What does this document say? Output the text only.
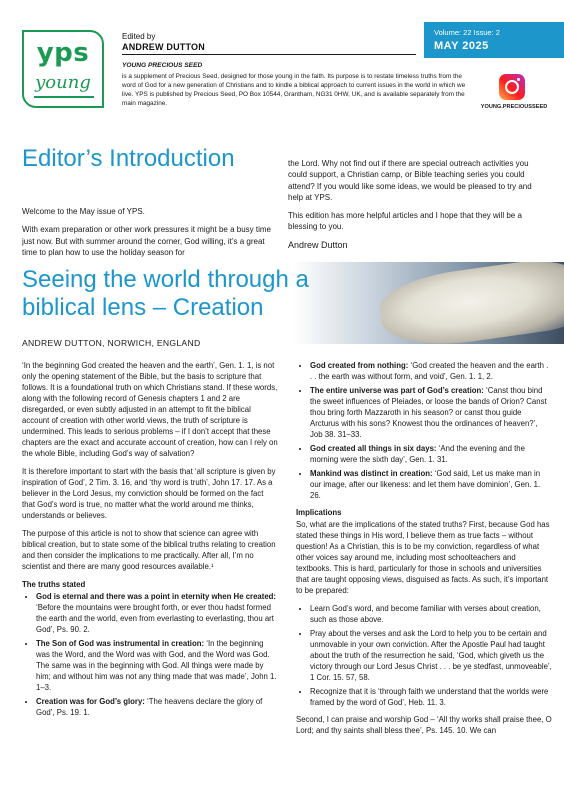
yps
young
Edited by
ANDREW DUTTON
YOUNG PRECIOUS SEED
is a supplement of Precious Seed, designed for those young in the faith. Its purpose is to restate timeless truths from the word of God for a new generation of Christians and to kindle a biblical approach to current issues in the world in which we live. YPS is published by Precious Seed, PO Box 10544, Grantham, NG31 0HW, UK, and is available separately from the main magazine.
Volume: 22 Issue: 2
MAY 2025
YOUNG.PRECIOUSSEED
Editor’s Introduction

Welcome to the May issue of YPS.

With exam preparation or other work pressures it might be a busy time just now. But with summer around the corner, God willing, it’s a great time to plan how to use the holiday season for

the Lord. Why not find out if there are special outreach activities you could support, a Christian camp, or Bible teaching series you could attend? If you would like some ideas, we would be pleased to try and help at YPS.

This edition has more helpful articles and I hope that they will be a blessing to you.

Andrew Dutton
Seeing the world through a biblical lens – Creation
ANDREW DUTTON, NORWICH, ENGLAND

‘In the beginning God created the heaven and the earth’, Gen. 1. 1, is not only the opening statement of the Bible, but the basis to scripture that follows. It is a foundational truth on which Christians stand. If these words, along with the following record of Genesis chapters 1 and 2 are disregarded, or even subtly adjusted in an attempt to fit the biblical account of creation with other world views, the truth of scripture is undermined. This leads to serious problems – if I don’t accept that these chapters are the exact and accurate account of creation, how can I rely on the whole Bible, including God’s way of salvation?

It is therefore important to start with the basis that ‘all scripture is given by inspiration of God’, 2 Tim. 3. 16, and ‘thy word is truth’, John 17. 17. As a believer in the Lord Jesus, my conviction should be formed on the fact that God’s word is true, no matter what the world around me thinks, understands or believes.

The purpose of this article is not to show that science can agree with biblical creation, but to state some of the biblical truths relating to creation and then consider the implications to me practically. After all, I’m no scientist and there are many good resources available.¹

The truths stated
• God is eternal and there was a point in eternity when He created: ‘Before the mountains were brought forth, or ever thou hadst formed the earth and the world, even from everlasting to everlasting, thou art God’, Ps. 90. 2.
• The Son of God was instrumental in creation: ‘In the beginning was the Word, and the Word was with God, and the Word was God. The same was in the beginning with God. All things were made by him; and without him was not any thing made that was made’, John 1. 1–3.
• Creation was for God’s glory: ‘The heavens declare the glory of God’, Ps. 19. 1.
• God created from nothing: ‘God created the heaven and the earth . . . the earth was without form, and void’, Gen. 1. 1, 2.
• The entire universe was part of God’s creation: ‘Canst thou bind the sweet influences of Pleiades, or loose the bands of Orion? Canst thou bring forth Mazzaroth in his season? or canst thou guide Arcturus with his sons? Knowest thou the ordinances of heaven?’, Job 38. 31–33.
• God created all things in six days: ‘And the evening and the morning were the sixth day’, Gen. 1. 31.
• Mankind was distinct in creation: ‘God said, Let us make man in our image, after our likeness: and let them have dominion’, Gen. 1. 26.
Implications

So, what are the implications of the stated truths? First, because God has stated these things in His word, I believe them as true facts – without question! As a Christian, this is to be my conviction, regardless of what other voices say around me, including most schoolteachers and textbooks. This is hard, particularly for those in schools and universities that are taught opposing views, disguised as facts. As such, it’s important to be prepared:

• Learn God’s word, and become familiar with verses about creation, such as those above.
• Pray about the verses and ask the Lord to help you to be certain and unmovable in your own conviction. After the Apostle Paul had taught about the truth of the resurrection he said, ‘God, which giveth us the victory through our Lord Jesus Christ . . . be ye stedfast, unmoveable’, 1 Cor. 15. 57, 58.
• Recognize that it is ‘through faith we understand that the worlds were framed by the word of God’, Heb. 11. 3.

Second, I can praise and worship God – ‘All thy works shall praise thee, O Lord; and thy saints shall bless thee’, Ps. 145. 10. We can
